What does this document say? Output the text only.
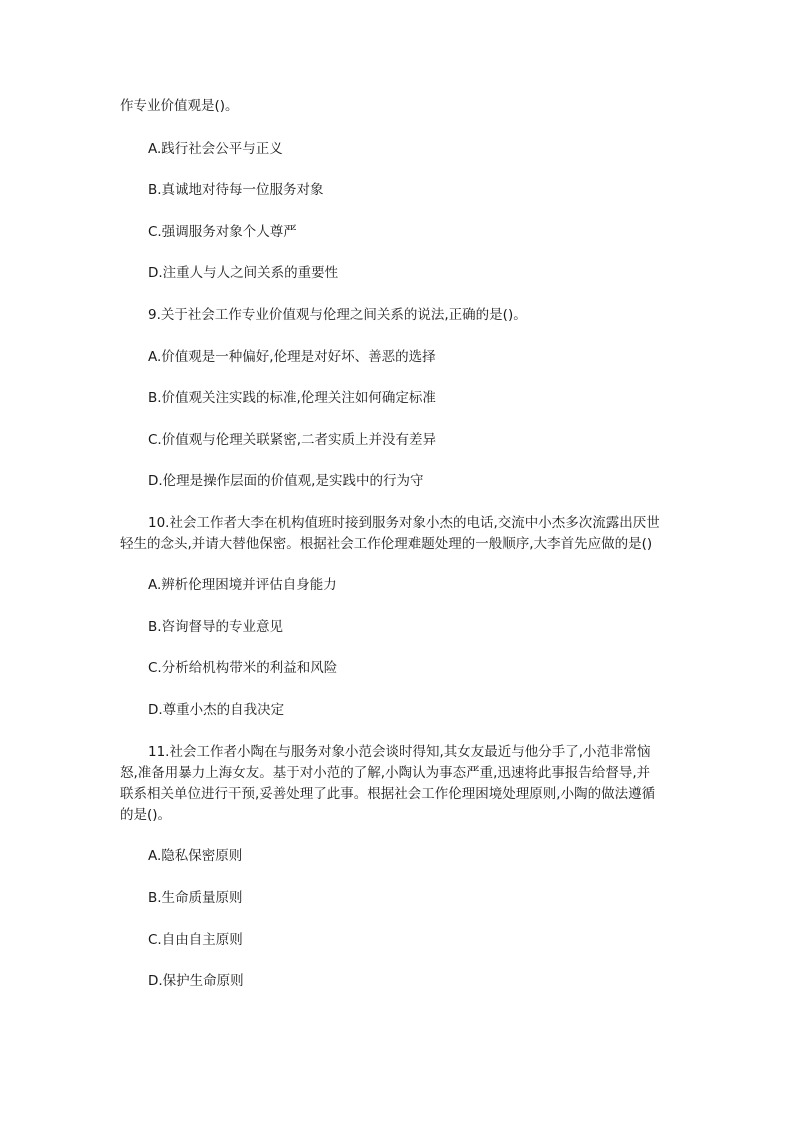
作专业价值观是()。
A.践行社会公平与正义
B.真诚地对待每一位服务对象
C.强调服务对象个人尊严
D.注重人与人之间关系的重要性
9.关于社会工作专业价值观与伦理之间关系的说法,正确的是()。
A.价值观是一种偏好,伦理是对好坏、善恶的选择
B.价值观关注实践的标准,伦理关注如何确定标准
C.价值观与伦理关联紧密,二者实质上并没有差异
D.伦理是操作层面的价值观,是实践中的行为守
10.社会工作者大李在机构值班时接到服务对象小杰的电话,交流中小杰多次流露出厌世
轻生的念头,并请大替他保密。根据社会工作伦理难题处理的一般顺序,大李首先应做的是()
A.辨析伦理困境并评估自身能力
B.咨询督导的专业意见
C.分析给机构带米的利益和风险
D.尊重小杰的自我决定
11.社会工作者小陶在与服务对象小范会谈时得知,其女友最近与他分手了,小范非常恼
怒,准备用暴力上海女友。基于对小范的了解,小陶认为事态严重,迅速将此事报告给督导,并
联系相关单位进行干预,妥善处理了此事。根据社会工作伦理困境处理原则,小陶的做法遵循
的是()。
A.隐私保密原则
B.生命质量原则
C.自由自主原则
D.保护生命原则
